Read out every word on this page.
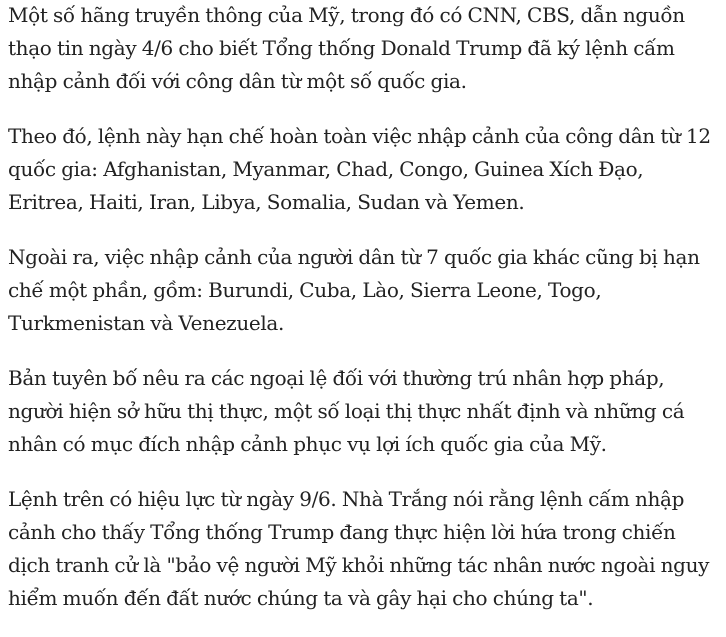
Một số hãng truyền thông của Mỹ, trong đó có CNN, CBS, dẫn nguồn thạo tin ngày 4/6 cho biết Tổng thống Donald Trump đã ký lệnh cấm nhập cảnh đối với công dân từ một số quốc gia.

Theo đó, lệnh này hạn chế hoàn toàn việc nhập cảnh của công dân từ 12 quốc gia: Afghanistan, Myanmar, Chad, Congo, Guinea Xích Đạo, Eritrea, Haiti, Iran, Libya, Somalia, Sudan và Yemen.

Ngoài ra, việc nhập cảnh của người dân từ 7 quốc gia khác cũng bị hạn chế một phần, gồm: Burundi, Cuba, Lào, Sierra Leone, Togo, Turkmenistan và Venezuela.

Bản tuyên bố nêu ra các ngoại lệ đối với thường trú nhân hợp pháp, người hiện sở hữu thị thực, một số loại thị thực nhất định và những cá nhân có mục đích nhập cảnh phục vụ lợi ích quốc gia của Mỹ.

Lệnh trên có hiệu lực từ ngày 9/6. Nhà Trắng nói rằng lệnh cấm nhập cảnh cho thấy Tổng thống Trump đang thực hiện lời hứa trong chiến dịch tranh cử là "bảo vệ người Mỹ khỏi những tác nhân nước ngoài nguy hiểm muốn đến đất nước chúng ta và gây hại cho chúng ta".
